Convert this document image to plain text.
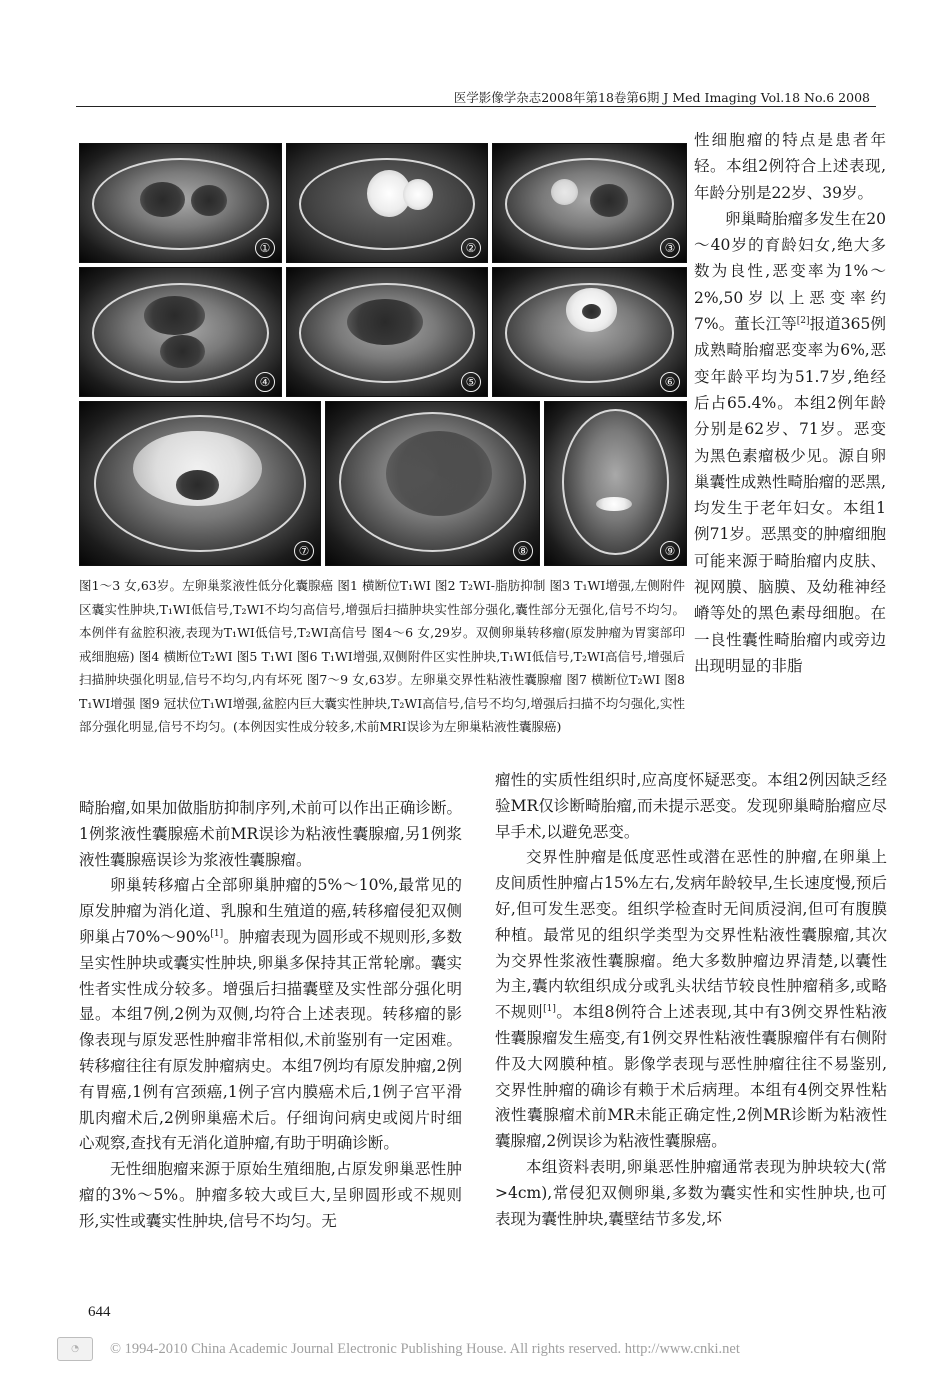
医学影像学杂志2008年第18卷第6期 J Med Imaging Vol.18 No.6 2008
①	②	③
④	⑤	⑥
⑦	⑧	⑨
图1～3 女,63岁。左卵巢浆液性低分化囊腺癌 图1 横断位T₁WI 图2 T₂WI-脂肪抑制 图3 T₁WI增强,左侧附件区囊实性肿块,T₁WI低信号,T₂WI不均匀高信号,增强后扫描肿块实性部分强化,囊性部分无强化,信号不均匀。本例伴有盆腔积液,表现为T₁WI低信号,T₂WI高信号 图4～6 女,29岁。双侧卵巢转移瘤(原发肿瘤为胃窦部印戒细胞癌) 图4 横断位T₂WI 图5 T₁WI 图6 T₁WI增强,双侧附件区实性肿块,T₁WI低信号,T₂WI高信号,增强后扫描肿块强化明显,信号不均匀,内有坏死 图7～9 女,63岁。左卵巢交界性粘液性囊腺瘤 图7 横断位T₂WI 图8 T₁WI增强 图9 冠状位T₁WI增强,盆腔内巨大囊实性肿块,T₂WI高信号,信号不均匀,增强后扫描不均匀强化,实性部分强化明显,信号不均匀。(本例因实性成分较多,术前MRI误诊为左卵巢粘液性囊腺癌)

性细胞瘤的特点是患者年轻。本组2例符合上述表现,年龄分别是22岁、39岁。

卵巢畸胎瘤多发生在20～40岁的育龄妇女,绝大多数为良性,恶变率为1%～2%,50岁以上恶变率约7%。董长江等[2]报道365例成熟畸胎瘤恶变率为6%,恶变年龄平均为51.7岁,绝经后占65.4%。本组2例年龄分别是62岁、71岁。恶变为黑色素瘤极少见。源自卵巢囊性成熟性畸胎瘤的恶黑,均发生于老年妇女。本组1例71岁。恶黑变的肿瘤细胞可能来源于畸胎瘤内皮肤、视网膜、脑膜、及幼稚神经嵴等处的黑色素母细胞。在一良性囊性畸胎瘤内或旁边出现明显的非脂

畸胎瘤,如果加做脂肪抑制序列,术前可以作出正确诊断。1例浆液性囊腺癌术前MR误诊为粘液性囊腺瘤,另1例浆液性囊腺癌误诊为浆液性囊腺瘤。

卵巢转移瘤占全部卵巢肿瘤的5%～10%,最常见的原发肿瘤为消化道、乳腺和生殖道的癌,转移瘤侵犯双侧卵巢占70%～90%[1]。肿瘤表现为圆形或不规则形,多数呈实性肿块或囊实性肿块,卵巢多保持其正常轮廓。囊实性者实性成分较多。增强后扫描囊壁及实性部分强化明显。本组7例,2例为双侧,均符合上述表现。转移瘤的影像表现与原发恶性肿瘤非常相似,术前鉴别有一定困难。转移瘤往往有原发肿瘤病史。本组7例均有原发肿瘤,2例有胃癌,1例有宫颈癌,1例子宫内膜癌术后,1例子宫平滑肌肉瘤术后,2例卵巢癌术后。仔细询问病史或阅片时细心观察,查找有无消化道肿瘤,有助于明确诊断。

无性细胞瘤来源于原始生殖细胞,占原发卵巢恶性肿瘤的3%～5%。肿瘤多较大或巨大,呈卵圆形或不规则形,实性或囊实性肿块,信号不均匀。无

瘤性的实质性组织时,应高度怀疑恶变。本组2例因缺乏经验MR仅诊断畸胎瘤,而未提示恶变。发现卵巢畸胎瘤应尽早手术,以避免恶变。

交界性肿瘤是低度恶性或潜在恶性的肿瘤,在卵巢上皮间质性肿瘤占15%左右,发病年龄较早,生长速度慢,预后好,但可发生恶变。组织学检查时无间质浸润,但可有腹膜种植。最常见的组织学类型为交界性粘液性囊腺瘤,其次为交界性浆液性囊腺瘤。绝大多数肿瘤边界清楚,以囊性为主,囊内软组织成分或乳头状结节较良性肿瘤稍多,或略不规则[1]。本组8例符合上述表现,其中有3例交界性粘液性囊腺瘤发生癌变,有1例交界性粘液性囊腺瘤伴有右侧附件及大网膜种植。影像学表现与恶性肿瘤往往不易鉴别,交界性肿瘤的确诊有赖于术后病理。本组有4例交界性粘液性囊腺瘤术前MR未能正确定性,2例MR诊断为粘液性囊腺瘤,2例误诊为粘液性囊腺癌。

本组资料表明,卵巢恶性肿瘤通常表现为肿块较大(常>4cm),常侵犯双侧卵巢,多数为囊实性和实性肿块,也可表现为囊性肿块,囊壁结节多发,坏

644
◔	© 1994-2010 China Academic Journal Electronic Publishing House. All rights reserved. http://www.cnki.net
